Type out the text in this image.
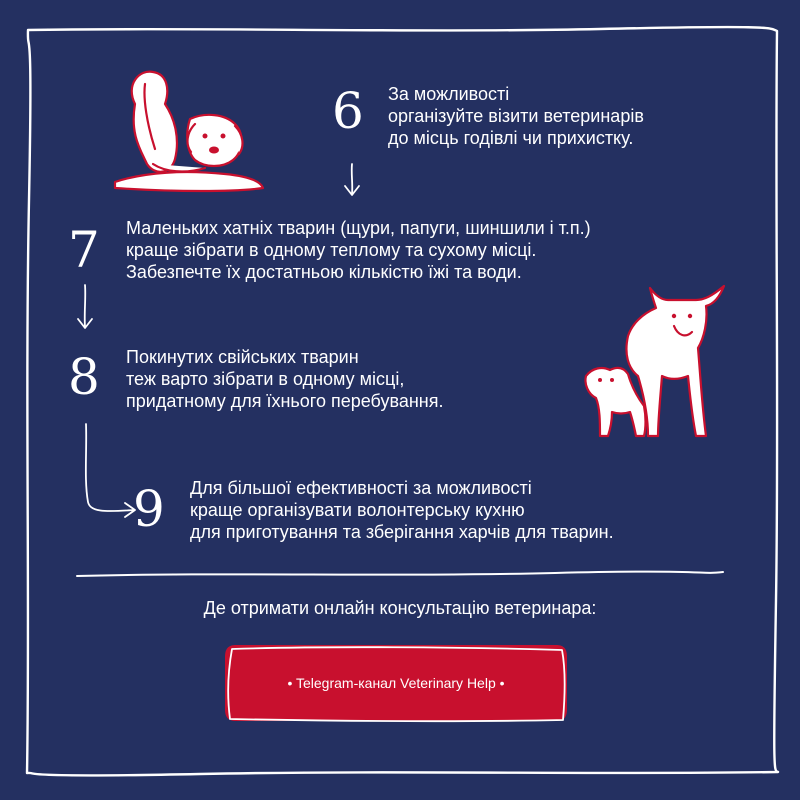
6 За можливості
організуйте візити ветеринарів
до місць годівлі чи прихистку.
7 Маленьких хатніх тварин (щури, папуги, шиншили і т.п.)
краще зібрати в одному теплому та сухому місці.
Забезпечте їх достатньою кількістю їжі та води.
8 Покинутих свійських тварин
теж варто зібрати в одному місці,
придатному для їхнього перебування.
9 Для більшої ефективності за можливості
краще організувати волонтерську кухню
для приготування та зберігання харчів для тварин.
Де отримати онлайн консультацію ветеринара:
• Telegram-канал Veterinary Help •
